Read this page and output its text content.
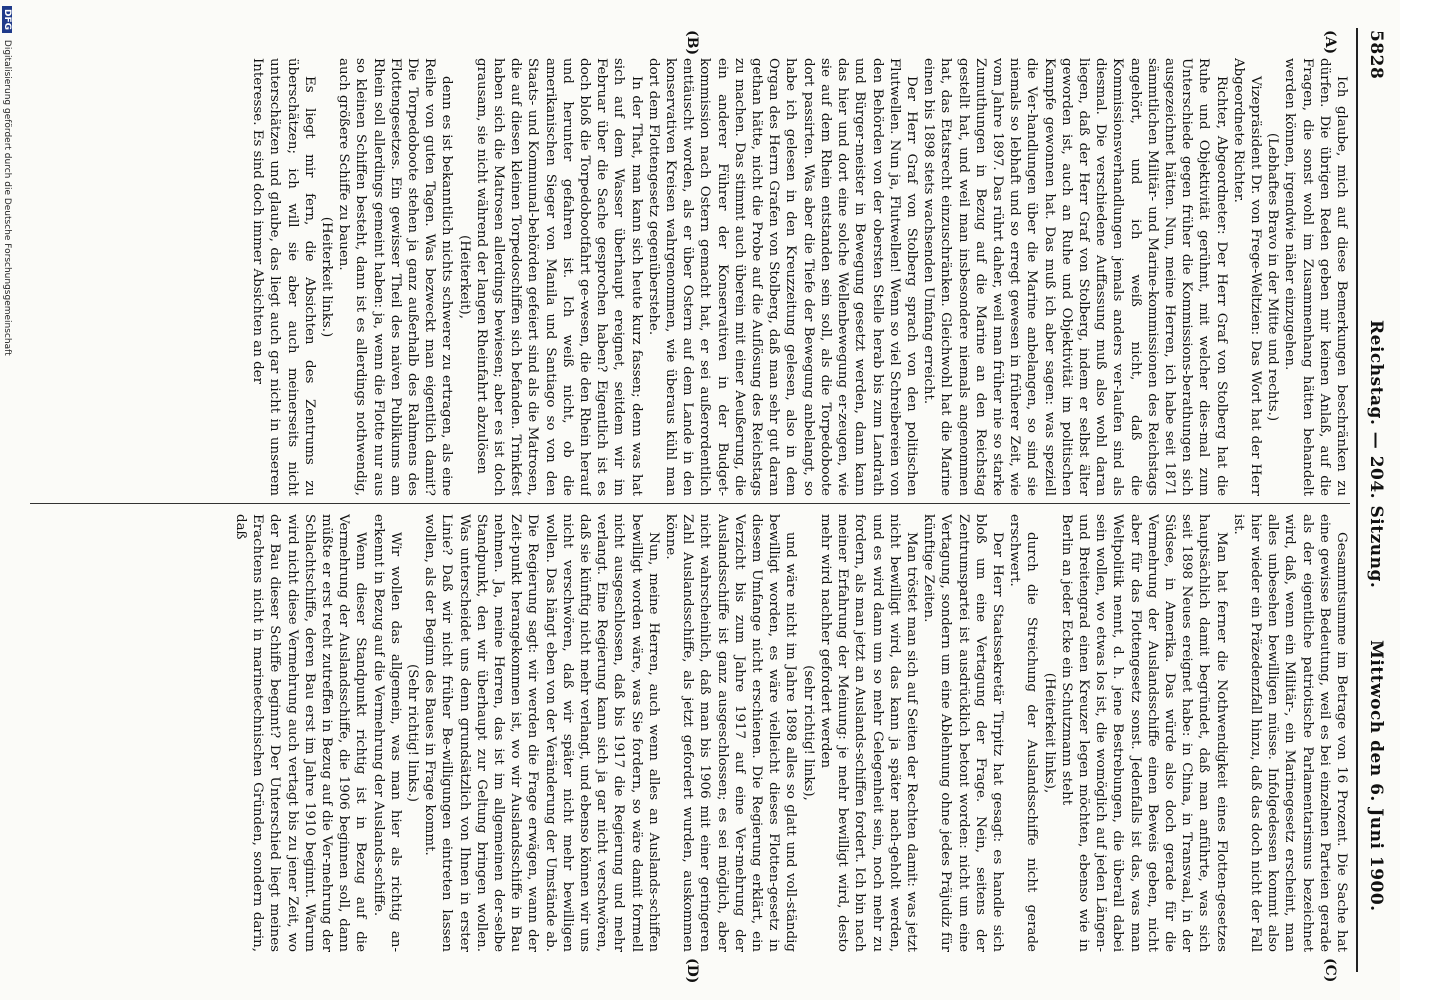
5828
Reichstag. — 204. Sitzung.
Mittwoch den 6. Juni 1900.
(A)
(B)
(C)
(D)

Ich glaube, mich auf diese Bemerkungen beschränken zu dürfen. Die übrigen Reden geben mir keinen Anlaß, auf die Fragen, die sonst wohl im Zusammenhang hätten behandelt werden können, irgendwie näher einzugehen.

(Lebhaftes Bravo in der Mitte und rechts.)

Vizepräsident Dr. von Frege-Weltzien: Das Wort hat der Herr Abgeordnete Richter.

Richter, Abgeordneter: Der Herr Graf von Stolberg hat die Ruhe und Objektivität gerühmt, mit welcher dies-mal zum Unterschiede gegen früher die Kommissions-berathungen sich ausgezeichnet hätten. Nun, meine Herren, ich habe seit 1871 sämmtlichen Militär- und Marine-kommissionen des Reichstags angehört, und ich weiß nicht, daß die Kommissionsverhandlungen jemals anders ver-laufen sind als diesmal. Die verschiedene Auffassung muß also wohl daran liegen, daß der Herr Graf von Stolberg, indem er selbst älter geworden ist, auch an Ruhe und Objektivität im politischen Kampfe gewonnen hat. Das muß ich aber sagen: was speziell die Ver-handlungen über die Marine anbelangen, so sind sie niemals so lebhaft und so erregt gewesen in früherer Zeit, wie vom Jahre 1897. Das rührt daher, weil man früher nie so starke Zumuthungen in Bezug auf die Marine an den Reichstag gestellt hat, und weil man insbesondere niemals angenommen hat, das Etatsrecht einzuschränken. Gleichwohl hat die Marine einen bis 1898 stets wachsenden Umfang erreicht.

Der Herr Graf von Stolberg sprach von den politischen Flutwellen. Nun ja, Flutwellen! Wenn so viel Schreibereien von den Behörden von der obersten Stelle herab bis zum Landrath und Bürger-meister in Bewegung gesetzt werden, dann kann das hier und dort eine solche Wellenbewegung er-zeugen, wie sie auf dem Rhein entstanden sein soll, als die Torpedoboote dort passirten. Was aber die Tiefe der Bewegung anbelangt, so habe ich gelesen in den Kreuzzeitung gelesen, also in dem Organ des Herrn Grafen von Stolberg, daß man sehr gut daran gethan hätte, nicht die Probe auf die Auflösung des Reichstags zu machen. Das stimmt auch überein mit einer Aeußerung, die ein anderer Führer der Konservativen in der Budget-kommission nach Ostern gemacht hat, er sei außerordentlich enttäuscht worden, als er über Ostern auf dem Lande in den konservativen Kreisen wahrgenommen, wie überaus kühl man dort dem Flottengesetz gegenüberstehe.

In der That, man kann sich heute kurz fassen; denn was hat sich auf dem Wasser überhaupt ereignet, seitdem wir im Februar über die Sache gesprochen haben? Eigentlich ist es doch bloß die Torpedobootfahrt ge-wesen, die den Rhein herauf und herunter gefahren ist. Ich weiß nicht, ob die amerikanischen Sieger von Manila und Santiago so von den Staats- und Kommunal-behörden gefeiert sind als die Matrosen, die auf diesen kleinen Torpedoschiffen sich befanden. Trinkfest haben sich die Matrosen allerdings bewiesen; aber es ist doch grausam, sie nicht während der langen Rheinfahrt abzulösen

(Heiterkeit),

denn es ist bekanntlich nichts schwerer zu ertragen, als eine Reihe von guten Tagen. Was bezweckt man eigentlich damit? Die Torpedoboote stehen ja ganz außerhalb des Rahmens des Flottengesetzes. Ein gewisser Theil des naiven Publikums am Rhein soll allerdings gemeint haben: ja, wenn die Flotte nur aus so kleinen Schiffen besteht, dann ist es allerdings nothwendig, auch größere Schiffe zu bauen.

(Heiterkeit links.)

Es liegt mir fern, die Absichten des Zentrums zu überschätzen; ich will sie aber auch meinerseits nicht unterschätzen und glaube, das liegt auch gar nicht in unserem Interesse. Es sind doch immer Absichten an der

Gesammtsumme im Betrage von 16 Prozent. Die Sache hat eine gewisse Bedeutung, weil es bei einzelnen Parteien gerade als der eigentliche patriotische Parlamentarismus bezeichnet wird, daß, wenn ein Militär-, ein Marinegesetz erscheint, man alles unbesehen bewilligen müsse. Infolgedessen kommt also hier wieder ein Präzedenzfall hinzu, daß das doch nicht der Fall ist.

Man hat ferner die Nothwendigkeit eines Flotten-gesetzes hauptsächlich damit begründet, daß man anführte, was sich seit 1898 Neues ereignet habe: in China, in Transvaal, in der Südsee, in Amerika. Das würde also doch gerade für die Vermehrung der Auslandsschiffe einen Beweis geben, nicht aber für das Flottengesetz sonst. Jedenfalls ist das, was man Weltpolitik nennt, d. h. jene Bestrebungen, die überall dabei sein wollen, wo etwas los ist, die womöglich auf jeden Längen- und Breitengrad einen Kreuzer legen möchten, ebenso wie in Berlin an jeder Ecke ein Schutzmann steht

(Heiterkeit links),

durch die Streichung der Auslandsschiffe nicht gerade erschwert.

Der Herr Staatssekretär Tirpitz hat gesagt: es handle sich bloß um eine Vertagung der Frage. Nein, seitens der Zentrumspartei ist ausdrücklich betont worden: nicht um eine Vertagung, sondern um eine Ablehnung ohne jedes Präjudiz für künftige Zeiten.

Man tröstet man sich auf Seiten der Rechten damit: was jetzt nicht bewilligt wird, das kann ja später nach-geholt werden, und es wird dann um so mehr Gelegenheit sein, noch mehr zu fordern, als man jetzt an Auslands-schiffen fordert. Ich bin nach meiner Erfahrung der Meinung: je mehr bewilligt wird, desto mehr wird nachher gefordert werden

(sehr richtig! links),

und wäre nicht im Jahre 1898 alles so glatt und voll-ständig bewilligt worden, es wäre vielleicht dieses Flotten-gesetz in diesem Umfange nicht erschienen. Die Regierung erklärt, ein Verzicht bis zum Jahre 1917 auf eine Ver-mehrung der Auslandsschiffe ist ganz ausgeschlossen; es sei möglich, aber nicht wahrscheinlich, daß man bis 1906 mit einer geringeren Zahl Auslandsschiffe, als jetzt gefordert wurden, auskommen könne.

Nun, meine Herren, auch wenn alles an Auslands-schiffen bewilligt worden wäre, was Sie fordern, so wäre damit formell nicht ausgeschlossen, daß bis 1917 die Regierung und mehr verlangt. Eine Regierung kann sich ja gar nicht verschwören, daß sie künftig nicht mehr verlangt, und ebenso können wir uns nicht verschwören, daß wir später nicht mehr bewilligen wollen. Das hängt eben von der Veränderung der Umstände ab. Die Regierung sagt: wir werden die Frage erwägen, wann der Zeit-punkt herangekommen ist, wo wir Auslandsschiffe in Bau nehmen. Ja, meine Herren, das ist im allgemeinen der-selbe Standpunkt, den wir überhaupt zur Geltung bringen wollen. Was unterscheidet uns denn grundsätzlich von Ihnen in erster Linie? Daß wir nicht früher Be-willigungen eintreten lassen wollen, als der Beginn des Baues in Frage kommt.

(Sehr richtig! links.)

Wir wollen das allgemein, was man hier als richtig an-erkennt in Bezug auf die Vermehrung der Auslands-schiffe.

Wenn dieser Standpunkt richtig ist in Bezug auf die Vermehrung der Auslandsschiffe, die 1906 beginnen soll, dann müßte er erst recht zutreffen in Bezug auf die Ver-mehrung der Schlachtschiffe, deren Bau erst im Jahre 1910 beginnt. Warum wird nicht diese Vermehrung auch vertagt bis zu jener Zeit, wo der Bau dieser Schiffe beginnt? Der Unterschied liegt meines Erachtens nicht in marinetechnischen Gründen, sondern darin, daß

DFG Digitalisierung gefördert durch die Deutsche Forschungsgemeinschaft
